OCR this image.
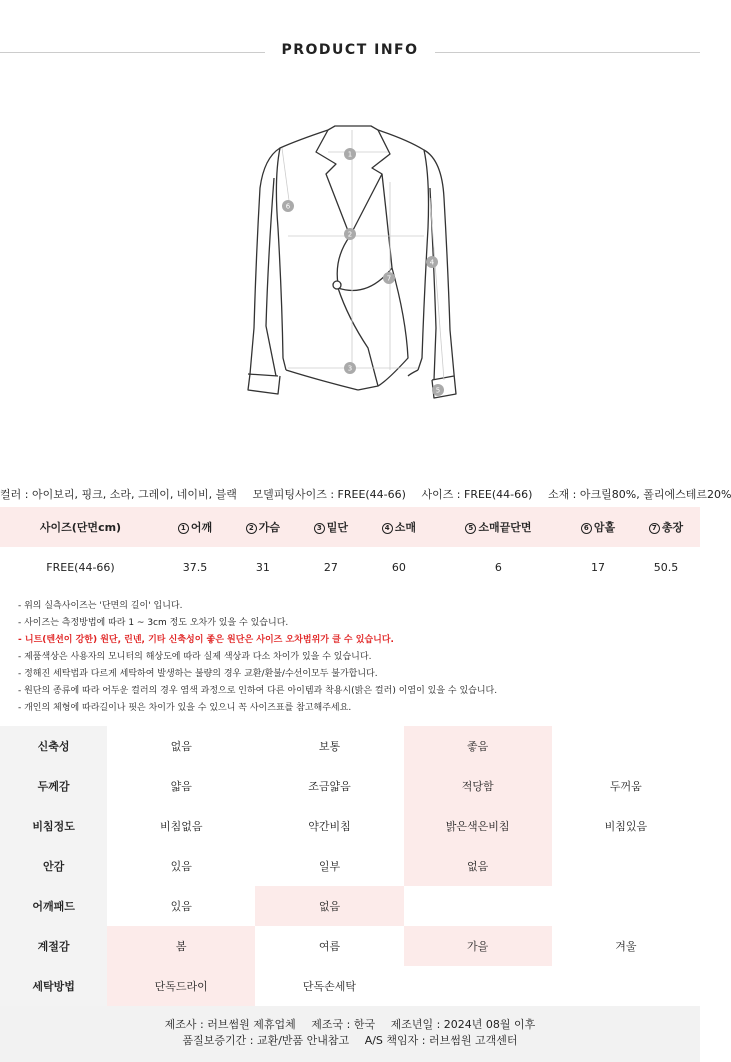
PRODUCT INFO
1
2
3
4
5
6
7
컬러 : 아이보리, 핑크, 소라, 그레이, 네이비, 블랙 모델피팅사이즈 : FREE(44-66) 사이즈 : FREE(44-66) 소재 : 아크릴80%, 폴리에스테르20%
사이즈(단면cm)	1 어깨	2 가슴	3 밑단	4 소매	5 소매끝단면	6 암홀	7 총장
FREE(44-66)	37.5	31	27	60	6	17	50.5
- 위의 실측사이즈는 '단면의 길이' 입니다.
- 사이즈는 측정방법에 따라 1 ~ 3cm 정도 오차가 있을 수 있습니다.
- 니트(텐션이 강한) 원단, 린넨, 기타 신축성이 좋은 원단은 사이즈 오차범위가 클 수 있습니다.
- 제품색상은 사용자의 모니터의 해상도에 따라 실제 색상과 다소 차이가 있을 수 있습니다.
- 정해진 세탁법과 다르게 세탁하여 발생하는 불량의 경우 교환/환불/수선이모두 불가합니다.
- 원단의 종류에 따라 어두운 컬러의 경우 염색 과정으로 인하여 다른 아이템과 착용시(밝은 컬러) 이염이 있을 수 있습니다.
- 개인의 체형에 따라길이나 핏은 차이가 있을 수 있으니 꼭 사이즈표를 참고해주세요.
신축성	없음	보통	좋음	
두께감	얇음	조금얇음	적당함	두꺼움
비침정도	비침없음	약간비침	밝은색은비침	비침있음
안감	있음	일부	없음	
어깨패드	있음	없음		
계절감	봄	여름	가을	겨울
세탁방법	단독드라이	단독손세탁		
제조사 : 러브썸원 제휴업체 제조국 : 한국 제조년일 : 2024년 08월 이후
품질보증기간 : 교환/반품 안내참고 A/S 책임자 : 러브썸원 고객센터
